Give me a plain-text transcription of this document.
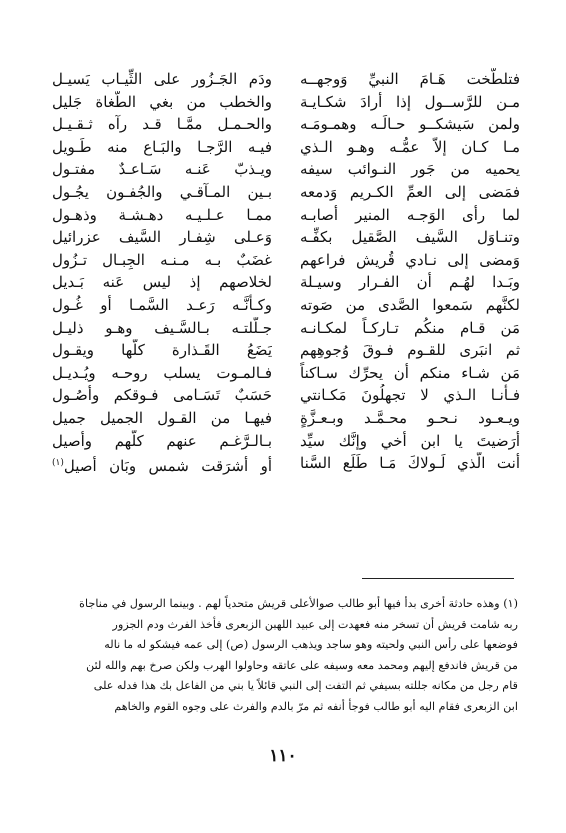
فتلطَّخت هَـامَ النبيِّ وَوجهــه
مـن للرَّســول إذا أرادَ شكـايـة
ولمن سَيشكــو حـالَـه وهمـومَـه
مـا كـان إلاّ عمُّـه وهـو الـذي
يحميه من جَور النـوائب سيفه
فمَضى إلى العمِّ الكـريم وَدمعه
لما رأى الوَجـه المنير أصابـه
وتنـاوَل السَّيف الصَّقيل بكفِّـه
وَمضى إلى نـادي قُريش فراعهم
وبَـدا لهُـم أن الفـرار وسيـلة
لكنَّهم سَمعوا الصَّدى من صَوته
مَن قـام منكُم تـاركـاً لمكـانـه
ثم انبَرى للقـوم فـوقَ وُجوهِهم
مَن شـاء منكم أن يحرِّك سـاكناً
فـأنـا الـذي لا تجهلُونَ مَكـانتي
ويـعـود نـحـو محـمَّـد وبـعـزَّةٍ
أرَضيتَ يا ابن أخي وإنَّك سيِّد
أنت الَّذي لَـولاكَ مَـا طَلَع السَّنا
ودَم الجَـزُور على الثِّيـاب يَسيـل
والخطب من بغي الطُّغاة جَليل
والحـمـل ممَّـا قـد رآه ثـقـيـل
فيـه الرَّجـا والبَـاع منه طَـويل
ويـذبّ عَنـه سَـاعـدٌ مفتـول
بـين المـآقـي والجُفـون يجُـول
ممـا عـلـيـه دهـشـة وذهـول
وَعـلى شِفـار السَّيف عزرائيل
غضَبٌ بـه مـنـه الجِبـال تـزُول
لخلاصهم إذ ليس عَنه بَـديل
وكـأنَّـه رَعـد السَّمـا أو غُـول
جـلَّلتـه بـالسَّـيف وهـو ذليـل
يَضَعُ القَـذارة كلَّها ويقـول
فـالمـوت يسلب روحـه ويُـديـل
حَسَبٌ تَسَـامى فـوقكم وأصُـول
فيهـا من القـول الجميل جميل
بـالـرَّغـم عنهم كلُّهم وأصيل
أو أشرَقت شمس وبَان أصيل$^{(١)}$
(١) وهذه حادثة أخرى بدأ فيها أبو طالب صوالأعلى قريش متحدياً لهم . وبينما الرسول في مناجاة
ربه شامت قريش أن تسخر منه فعهدت إلى عبيد اللهبن الزبعرى فأخذ الفرث ودم الجزور
فوضعها على رأس النبي ولحيته وهو ساجد ويذهب الرسول (ص) إلى عمه فيشكو له ما ناله
من قريش فاندفع إليهم ومحمد معه وسيفه على عاتقه وحاولوا الهرب ولكن صرخ بهم والله لئن
قام رجل من مكانه جللته بسيفي ثم التفت إلى النبي قائلاً يا بني من الفاعل بك هذا فدله على
ابن الزبعرى فقام اليه أبو طالب فوجأ أنفه ثم مرّ بالدم والفرث على وجوه القوم والخاهم
١١٠
